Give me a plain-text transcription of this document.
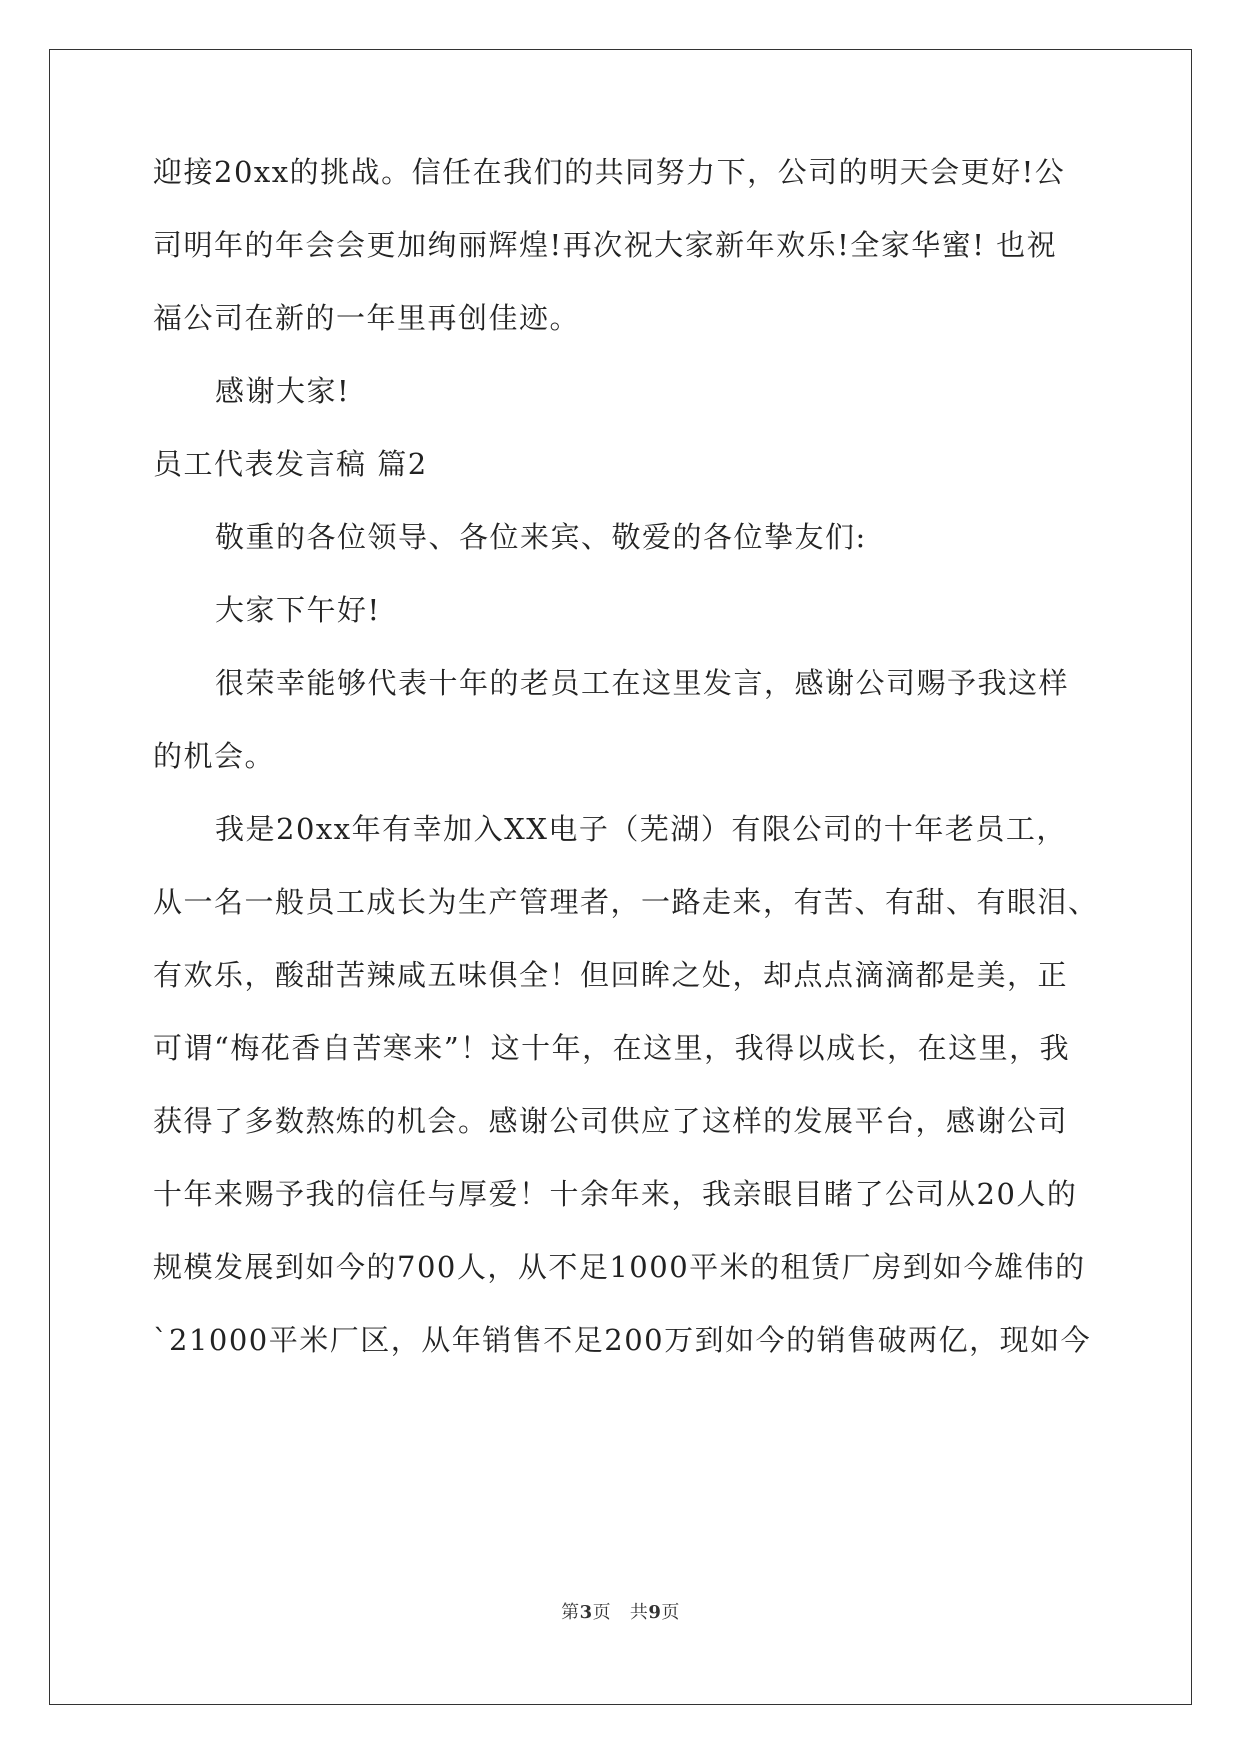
迎接20xx的挑战。信任在我们的共同努力下，公司的明天会更好!公
司明年的年会会更加绚丽辉煌!再次祝大家新年欢乐!全家华蜜! 也祝
福公司在新的一年里再创佳迹。
感谢大家!
员工代表发言稿 篇2
敬重的各位领导、各位来宾、敬爱的各位挚友们:
大家下午好!
很荣幸能够代表十年的老员工在这里发言，感谢公司赐予我这样
的机会。
我是20xx年有幸加入XX电子（芜湖）有限公司的十年老员工，
从一名一般员工成长为生产管理者，一路走来，有苦、有甜、有眼泪、
有欢乐，酸甜苦辣咸五味俱全！但回眸之处，却点点滴滴都是美，正
可谓“梅花香自苦寒来”！这十年，在这里，我得以成长，在这里，我
获得了多数熬炼的机会。感谢公司供应了这样的发展平台，感谢公司
十年来赐予我的信任与厚爱！十余年来，我亲眼目睹了公司从20人的
规模发展到如今的700人，从不足1000平米的租赁厂房到如今雄伟的
`21000平米厂区，从年销售不足200万到如今的销售破两亿，现如今
第3页   共9页
